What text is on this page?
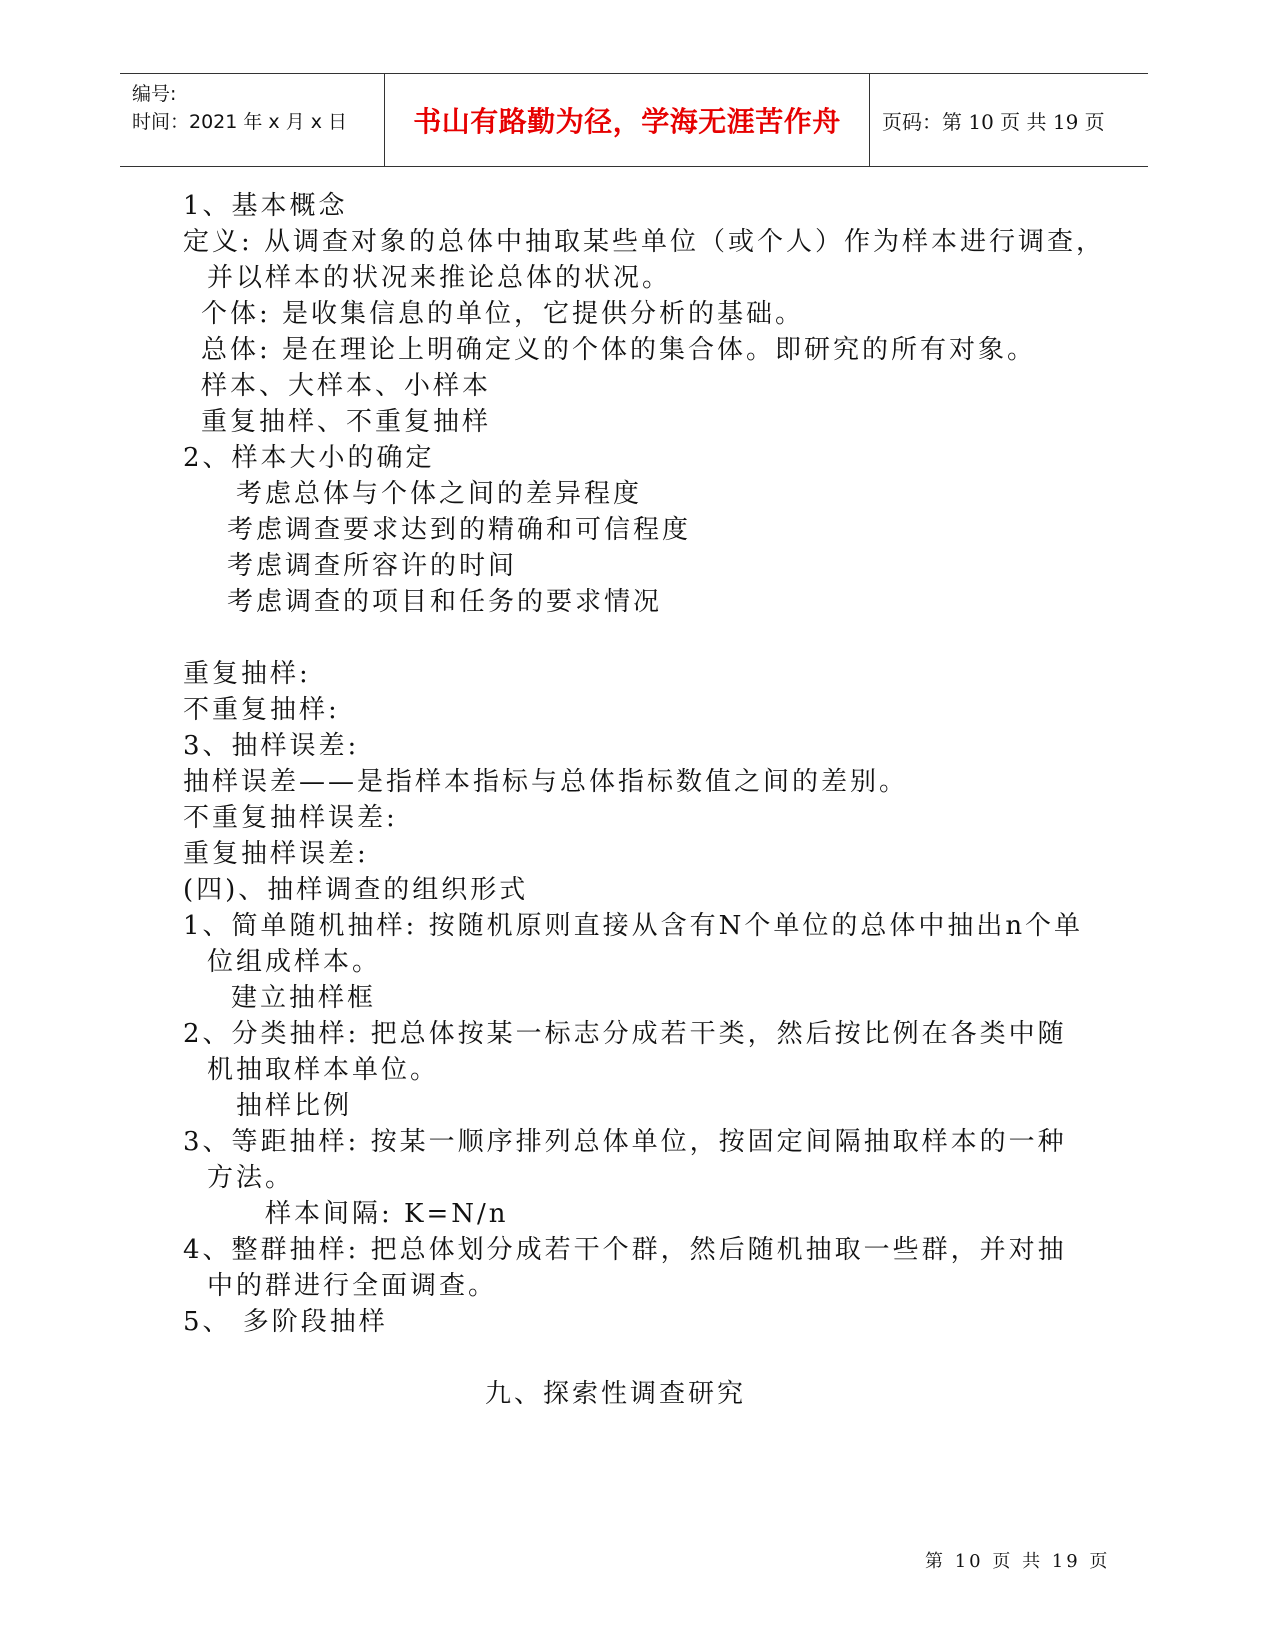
编号:
时间：2021 年 x 月 x 日	书山有路勤为径，学海无涯苦作舟	页码：第 10 页 共 19 页
1、基本概念
定义: 从调查对象的总体中抽取某些单位（或个人）作为样本进行调查，
并以样本的状况来推论总体的状况。
个体: 是收集信息的单位，它提供分析的基础。
总体: 是在理论上明确定义的个体的集合体。即研究的所有对象。
样本、大样本、小样本
重复抽样、不重复抽样
2、样本大小的确定
考虑总体与个体之间的差异程度
考虑调查要求达到的精确和可信程度
考虑调查所容许的时间
考虑调查的项目和任务的要求情况
重复抽样:
不重复抽样:
3、抽样误差:
抽样误差——是指样本指标与总体指标数值之间的差别。
不重复抽样误差:
重复抽样误差:
(四)、抽样调查的组织形式
1、简单随机抽样: 按随机原则直接从含有N个单位的总体中抽出n个单
位组成样本。
建立抽样框
2、分类抽样: 把总体按某一标志分成若干类，然后按比例在各类中随
机抽取样本单位。
抽样比例
3、等距抽样: 按某一顺序排列总体单位，按固定间隔抽取样本的一种
方法。
样本间隔: K=N/n
4、整群抽样: 把总体划分成若干个群，然后随机抽取一些群，并对抽
中的群进行全面调查。
5、 多阶段抽样
九、探索性调查研究
第 10 页 共 19 页
